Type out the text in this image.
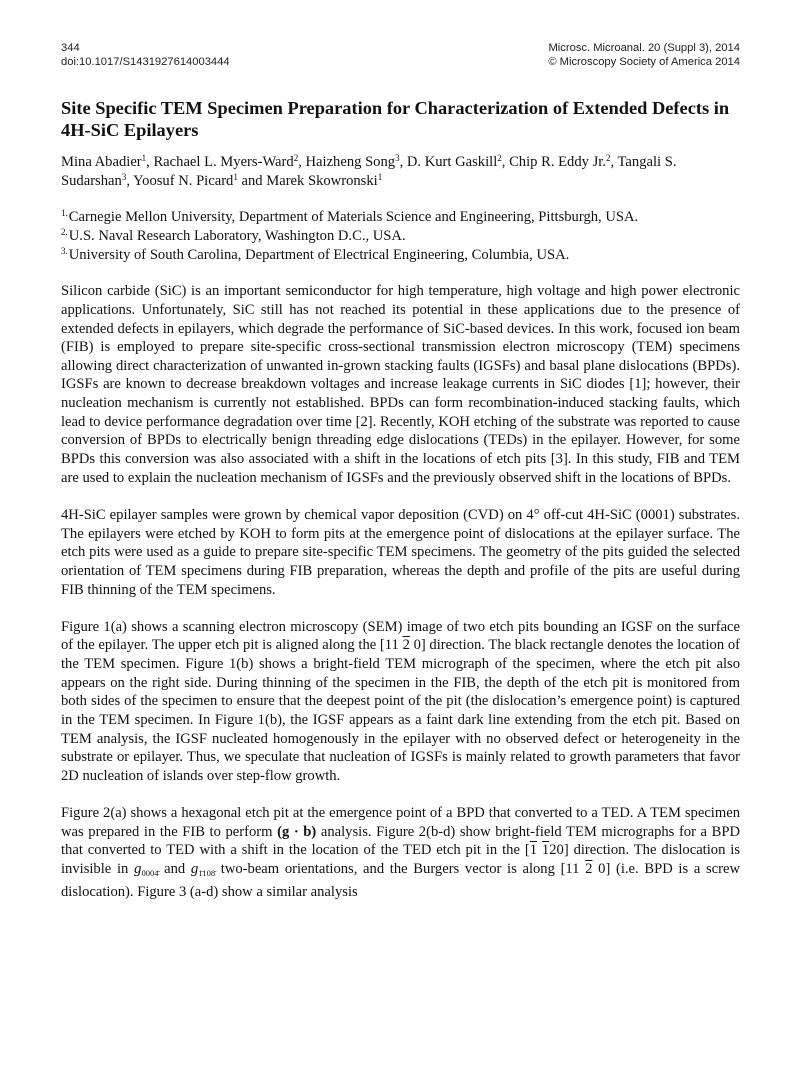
344
doi:10.1017/S1431927614003444
Microsc. Microanal. 20 (Suppl 3), 2014
© Microscopy Society of America 2014
Site Specific TEM Specimen Preparation for Characterization of Extended Defects in 4H-SiC Epilayers
Mina Abadier$^1$, Rachael L. Myers-Ward$^2$, Haizheng Song$^3$, D. Kurt Gaskill$^2$, Chip R. Eddy Jr.$^2$, Tangali S. Sudarshan$^3$, Yoosuf N. Picard$^1$ and Marek Skowronski$^1$
$^{1.}$Carnegie Mellon University, Department of Materials Science and Engineering, Pittsburgh, USA.
$^{2.}$U.S. Naval Research Laboratory, Washington D.C., USA.
$^{3.}$University of South Carolina, Department of Electrical Engineering, Columbia, USA.

Silicon carbide (SiC) is an important semiconductor for high temperature, high voltage and high power electronic applications. Unfortunately, SiC still has not reached its potential in these applications due to the presence of extended defects in epilayers, which degrade the performance of SiC-based devices. In this work, focused ion beam (FIB) is employed to prepare site-specific cross-sectional transmission electron microscopy (TEM) specimens allowing direct characterization of unwanted in-grown stacking faults (IGSFs) and basal plane dislocations (BPDs). IGSFs are known to decrease breakdown voltages and increase leakage currents in SiC diodes [1]; however, their nucleation mechanism is currently not established. BPDs can form recombination-induced stacking faults, which lead to device performance degradation over time [2]. Recently, KOH etching of the substrate was reported to cause conversion of BPDs to electrically benign threading edge dislocations (TEDs) in the epilayer. However, for some BPDs this conversion was also associated with a shift in the locations of etch pits [3]. In this study, FIB and TEM are used to explain the nucleation mechanism of IGSFs and the previously observed shift in the locations of BPDs.

4H-SiC epilayer samples were grown by chemical vapor deposition (CVD) on 4° off-cut 4H-SiC (0001) substrates. The epilayers were etched by KOH to form pits at the emergence point of dislocations at the epilayer surface. The etch pits were used as a guide to prepare site-specific TEM specimens. The geometry of the pits guided the selected orientation of TEM specimens during FIB preparation, whereas the depth and profile of the pits are useful during FIB thinning of the TEM specimens.

Figure 1(a) shows a scanning electron microscopy (SEM) image of two etch pits bounding an IGSF on the surface of the epilayer. The upper etch pit is aligned along the [11 2 0] direction. The black rectangle denotes the location of the TEM specimen. Figure 1(b) shows a bright-field TEM micrograph of the specimen, where the etch pit also appears on the right side. During thinning of the specimen in the FIB, the depth of the etch pit is monitored from both sides of the specimen to ensure that the deepest point of the pit (the dislocation’s emergence point) is captured in the TEM specimen. In Figure 1(b), the IGSF appears as a faint dark line extending from the etch pit. Based on TEM analysis, the IGSF nucleated homogenously in the epilayer with no observed defect or heterogeneity in the substrate or epilayer. Thus, we speculate that nucleation of IGSFs is mainly related to growth parameters that favor 2D nucleation of islands over step-flow growth.

Figure 2(a) shows a hexagonal etch pit at the emergence point of a BPD that converted to a TED. A TEM specimen was prepared in the FIB to perform (g · b) analysis. Figure 2(b-d) show bright-field TEM micrographs for a BPD that converted to TED with a shift in the location of the TED etch pit in the [1 120] direction. The dislocation is invisible in $g_{0004̄}$ and $g_{1̄108̄}$ two-beam orientations, and the Burgers vector is along [11 2 0] (i.e. BPD is a screw dislocation). Figure 3 (a-d) show a similar analysis
